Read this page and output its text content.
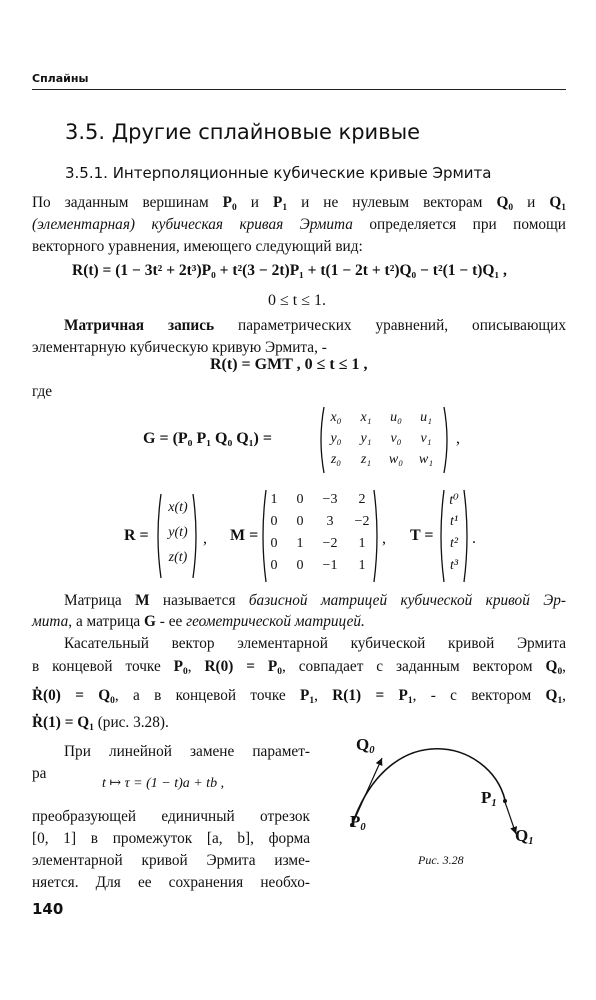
Сплайны
3.5. Другие сплайновые кривые
3.5.1. Интерполяционные кубические кривые Эрмита
По заданным вершинам $P_0$ и $P_1$ и не нулевым векторам $Q_0$ и $Q_1$
(элементарная) кубическая кривая Эрмита определяется при помощи
векторного уравнения, имеющего следующий вид:
R(t) = (1 − 3t² + 2t³)P₀ + t²(3 − 2t)P₁ + t(1 − 2t + t²)Q₀ − t²(1 − t)Q₁ ,
0 ≤ t ≤ 1.
Матричная запись параметрических уравнений, описывающих
элементарную кубическую кривую Эрмита, -
R(t) = GMT , 0 ≤ t ≤ 1 ,
где
G = (P₀ P₁ Q₀ Q₁) =
x₀	x₁	u₀	u₁
y₀	y₁	v₀	v₁
z₀	z₁	w₀	w₁
,
R =
x(t)
y(t)
z(t)
, M =
1	0	−3	2
0	0	3	−2
0	1	−2	1
0	0	−1	1
, T =
t⁰
t¹
t²
t³
.
Матрица M называется базисной матрицей кубической кривой Эр-
мита, а матрица G - ее геометрической матрицей.
Касательный вектор элементарной кубической кривой Эрмита
в концевой точке $P_0$, $R(0) = P_0$, совпадает с заданным вектором $Q_0$,
Ṙ(0) = $Q_0$, а в концевой точке $P_1$, $R(1) = P_1$, - с вектором $Q_1$,
Ṙ(1) = $Q_1$ (рис. 3.28).
При линейной замене парамет-
ра
t ↦ τ = (1 − t)a + tb ,
преобразующей единичный отрезок
[0, 1] в промежуток [a, b], форма
элементарной кривой Эрмита изме-
няется. Для ее сохранения необхо-
$Q_0$
$P_1$
$P_0$	$Q_1$
Рис. 3.28
140
